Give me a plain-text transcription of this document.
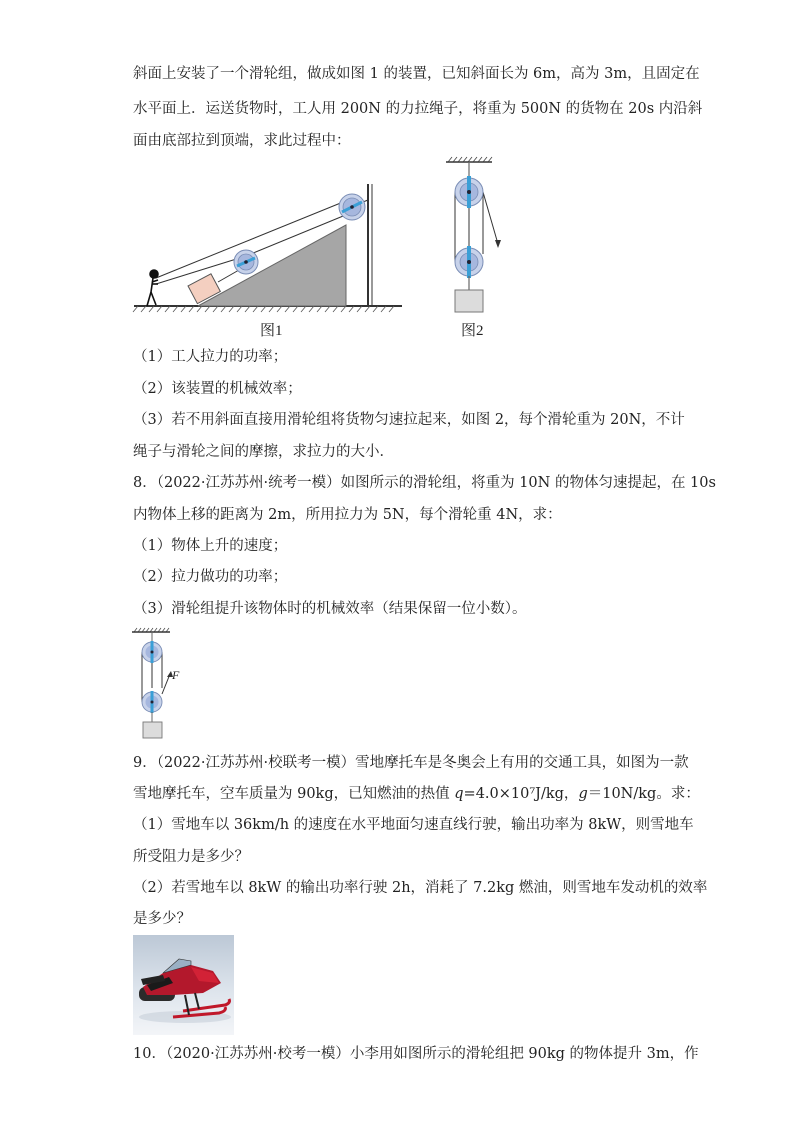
斜面上安装了一个滑轮组，做成如图 1 的装置，已知斜面长为 6m，高为 3m，且固定在
水平面上．运送货物时，工人用 200N 的力拉绳子，将重为 500N 的货物在 20s 内沿斜
面由底部拉到顶端，求此过程中：
图1	图2
（1）工人拉力的功率；
（2）该装置的机械效率；
（3）若不用斜面直接用滑轮组将货物匀速拉起来，如图 2，每个滑轮重为 20N，不计
绳子与滑轮之间的摩擦，求拉力的大小．
8．（2022·江苏苏州·统考一模）如图所示的滑轮组，将重为 10N 的物体匀速提起，在 10s
内物体上移的距离为 2m，所用拉力为 5N，每个滑轮重 4N，求：
（1）物体上升的速度；
（2）拉力做功的功率；
（3）滑轮组提升该物体时的机械效率（结果保留一位小数）。
F
9．（2022·江苏苏州·校联考一模）雪地摩托车是冬奥会上有用的交通工具，如图为一款
雪地摩托车，空车质量为 90kg，已知燃油的热值 q=4.0×10⁷J/kg，g＝10N/kg。求：
（1）雪地车以 36km/h 的速度在水平地面匀速直线行驶，输出功率为 8kW，则雪地车
所受阻力是多少？
（2）若雪地车以 8kW 的输出功率行驶 2h，消耗了 7.2kg 燃油，则雪地车发动机的效率
是多少？
10．（2020·江苏苏州·校考一模）小李用如图所示的滑轮组把 90kg 的物体提升 3m，作
